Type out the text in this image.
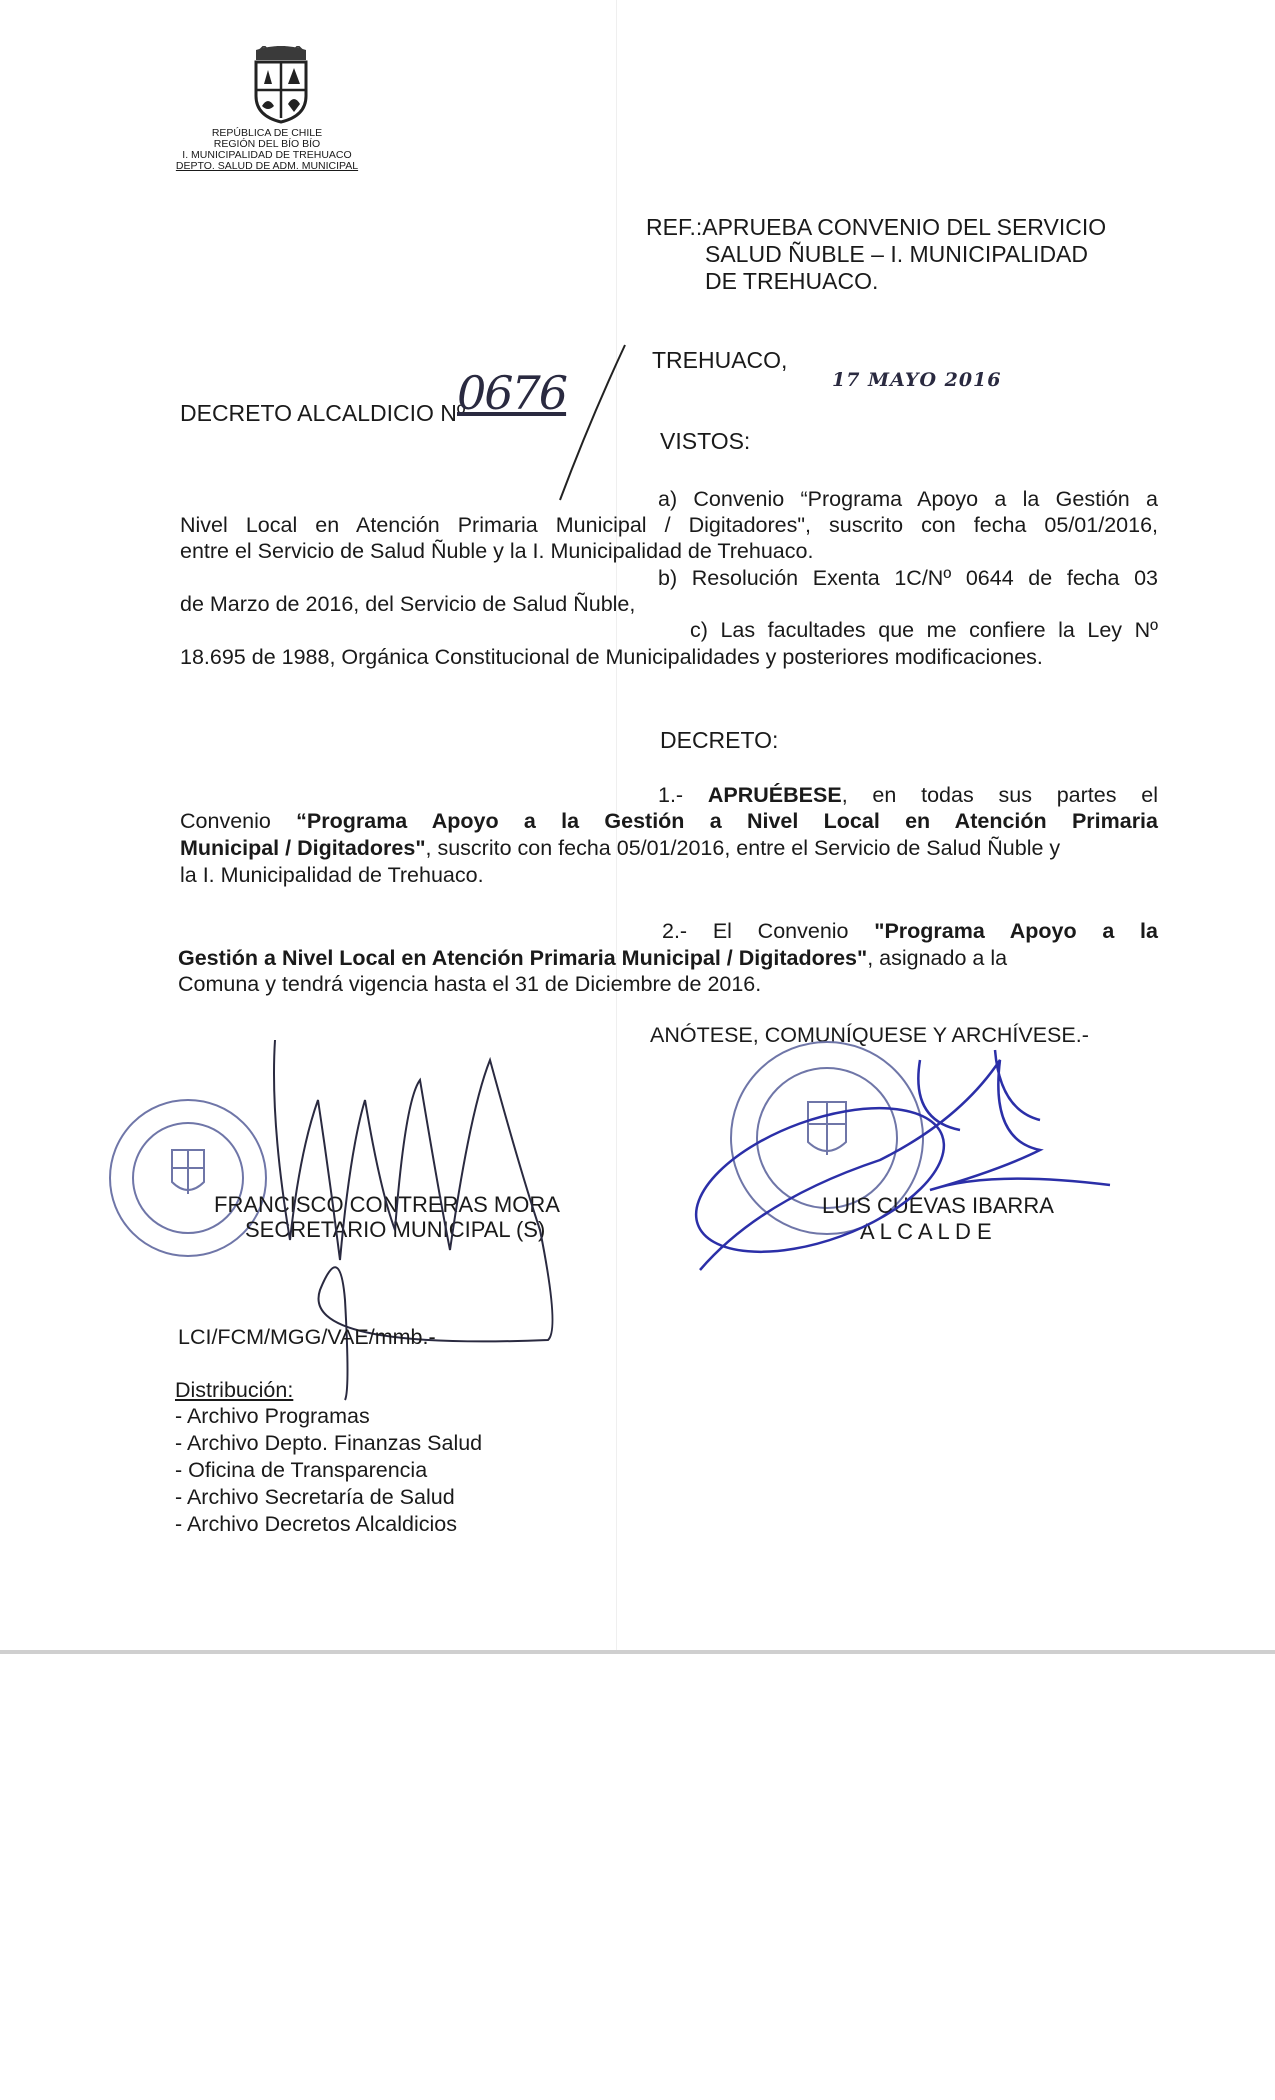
REPÚBLICA DE CHILE
REGIÓN DEL BÍO BÍO
I. MUNICIPALIDAD DE TREHUACO
DEPTO. SALUD DE ADM. MUNICIPAL
REF.:APRUEBA CONVENIO DEL SERVICIO
SALUD ÑUBLE – I. MUNICIPALIDAD
DE TREHUACO.
TREHUACO,
17 MAYO 2016
DECRETO ALCALDICIO Nº
0676
VISTOS:
a) Convenio “Programa Apoyo a la Gestión a
Nivel Local en Atención Primaria Municipal / Digitadores", suscrito con fecha 05/01/2016,
entre el Servicio de Salud Ñuble y la I. Municipalidad de Trehuaco.
b) Resolución Exenta 1C/Nº 0644 de fecha 03
de Marzo de 2016, del Servicio de Salud Ñuble,
c) Las facultades que me confiere la Ley Nº
18.695 de 1988, Orgánica Constitucional de Municipalidades y posteriores modificaciones.
DECRETO:
1.- APRUÉBESE, en todas sus partes el
Convenio “Programa Apoyo a la Gestión a Nivel Local en Atención Primaria
Municipal / Digitadores", suscrito con fecha 05/01/2016, entre el Servicio de Salud Ñuble y
la I. Municipalidad de Trehuaco.
2.- El Convenio "Programa Apoyo a la
Gestión a Nivel Local en Atención Primaria Municipal / Digitadores", asignado a la
Comuna y tendrá vigencia hasta el 31 de Diciembre de 2016.
ANÓTESE, COMUNÍQUESE Y ARCHÍVESE.-
FRANCISCO CONTRERAS MORA
SECRETARIO MUNICIPAL (S)
LUIS CUEVAS IBARRA
A L C A L D E
LCI/FCM/MGG/VAE/mmb.-
Distribución:
- Archivo Programas
- Archivo Depto. Finanzas Salud
- Oficina de Transparencia
- Archivo Secretaría de Salud
- Archivo Decretos Alcaldicios
